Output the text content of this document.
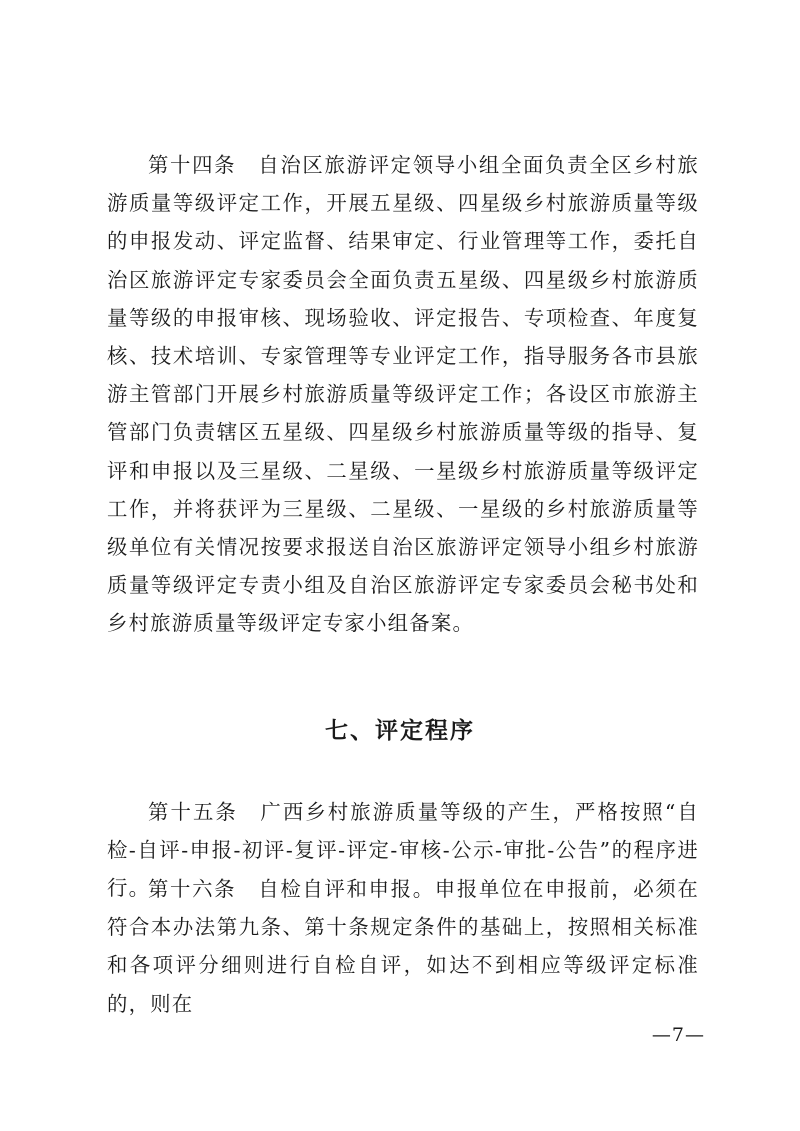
第十四条　自治区旅游评定领导小组全面负责全区乡村旅游质量等级评定工作，开展五星级、四星级乡村旅游质量等级的申报发动、评定监督、结果审定、行业管理等工作，委托自治区旅游评定专家委员会全面负责五星级、四星级乡村旅游质量等级的申报审核、现场验收、评定报告、专项检查、年度复核、技术培训、专家管理等专业评定工作，指导服务各市县旅游主管部门开展乡村旅游质量等级评定工作；各设区市旅游主管部门负责辖区五星级、四星级乡村旅游质量等级的指导、复评和申报以及三星级、二星级、一星级乡村旅游质量等级评定工作，并将获评为三星级、二星级、一星级的乡村旅游质量等级单位有关情况按要求报送自治区旅游评定领导小组乡村旅游质量等级评定专责小组及自治区旅游评定专家委员会秘书处和乡村旅游质量等级评定专家小组备案。

七、评定程序

第十五条　广西乡村旅游质量等级的产生，严格按照“自检-自评-申报-初评-复评-评定-审核-公示-审批-公告”的程序进行。

第十六条　自检自评和申报。申报单位在申报前，必须在符合本办法第九条、第十条规定条件的基础上，按照相关标准和各项评分细则进行自检自评，如达不到相应等级评定标准的，则在

—7—
